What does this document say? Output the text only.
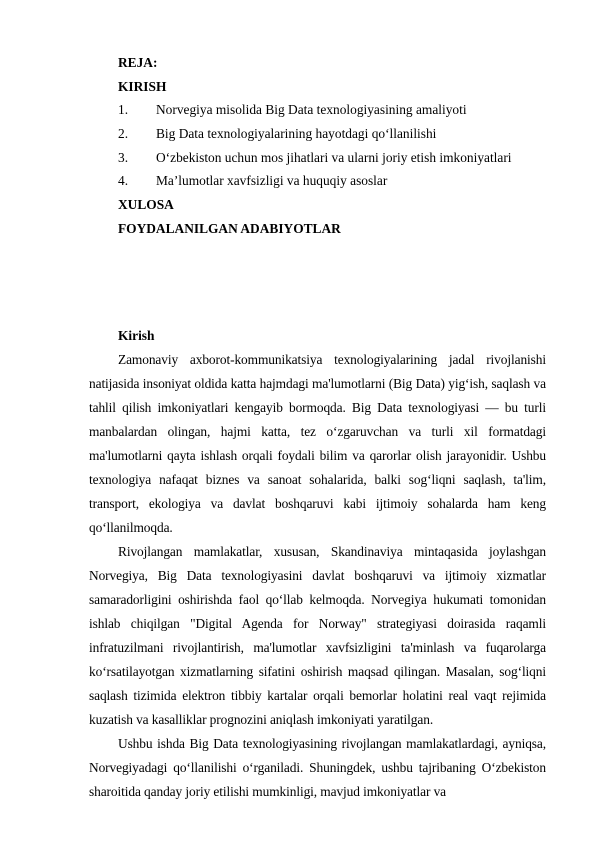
REJA:
KIRISH
1. Norvegiya misolida Big Data texnologiyasining amaliyoti
2. Big Data texnologiyalarining hayotdagi qo‘llanilishi
3. O‘zbekiston uchun mos jihatlari va ularni joriy etish imkoniyatlari
4. Ma’lumotlar xavfsizligi va huquqiy asoslar
XULOSA
FOYDALANILGAN ADABIYOTLAR
Kirish

Zamonaviy axborot-kommunikatsiya texnologiyalarining jadal rivojlanishi natijasida insoniyat oldida katta hajmdagi ma'lumotlarni (Big Data) yig‘ish, saqlash va tahlil qilish imkoniyatlari kengayib bormoqda. Big Data texnologiyasi — bu turli manbalardan olingan, hajmi katta, tez o‘zgaruvchan va turli xil formatdagi ma'lumotlarni qayta ishlash orqali foydali bilim va qarorlar olish jarayonidir. Ushbu texnologiya nafaqat biznes va sanoat sohalarida, balki sog‘liqni saqlash, ta'lim, transport, ekologiya va davlat boshqaruvi kabi ijtimoiy sohalarda ham keng qo‘llanilmoqda.

Rivojlangan mamlakatlar, xususan, Skandinaviya mintaqasida joylashgan Norvegiya, Big Data texnologiyasini davlat boshqaruvi va ijtimoiy xizmatlar samaradorligini oshirishda faol qo‘llab kelmoqda. Norvegiya hukumati tomonidan ishlab chiqilgan "Digital Agenda for Norway" strategiyasi doirasida raqamli infratuzilmani rivojlantirish, ma'lumotlar xavfsizligini ta'minlash va fuqarolarga ko‘rsatilayotgan xizmatlarning sifatini oshirish maqsad qilingan. Masalan, sog‘liqni saqlash tizimida elektron tibbiy kartalar orqali bemorlar holatini real vaqt rejimida kuzatish va kasalliklar prognozini aniqlash imkoniyati yaratilgan.

Ushbu ishda Big Data texnologiyasining rivojlangan mamlakatlardagi, ayniqsa, Norvegiyadagi qo‘llanilishi o‘rganiladi. Shuningdek, ushbu tajribaning O‘zbekiston sharoitida qanday joriy etilishi mumkinligi, mavjud imkoniyatlar va
